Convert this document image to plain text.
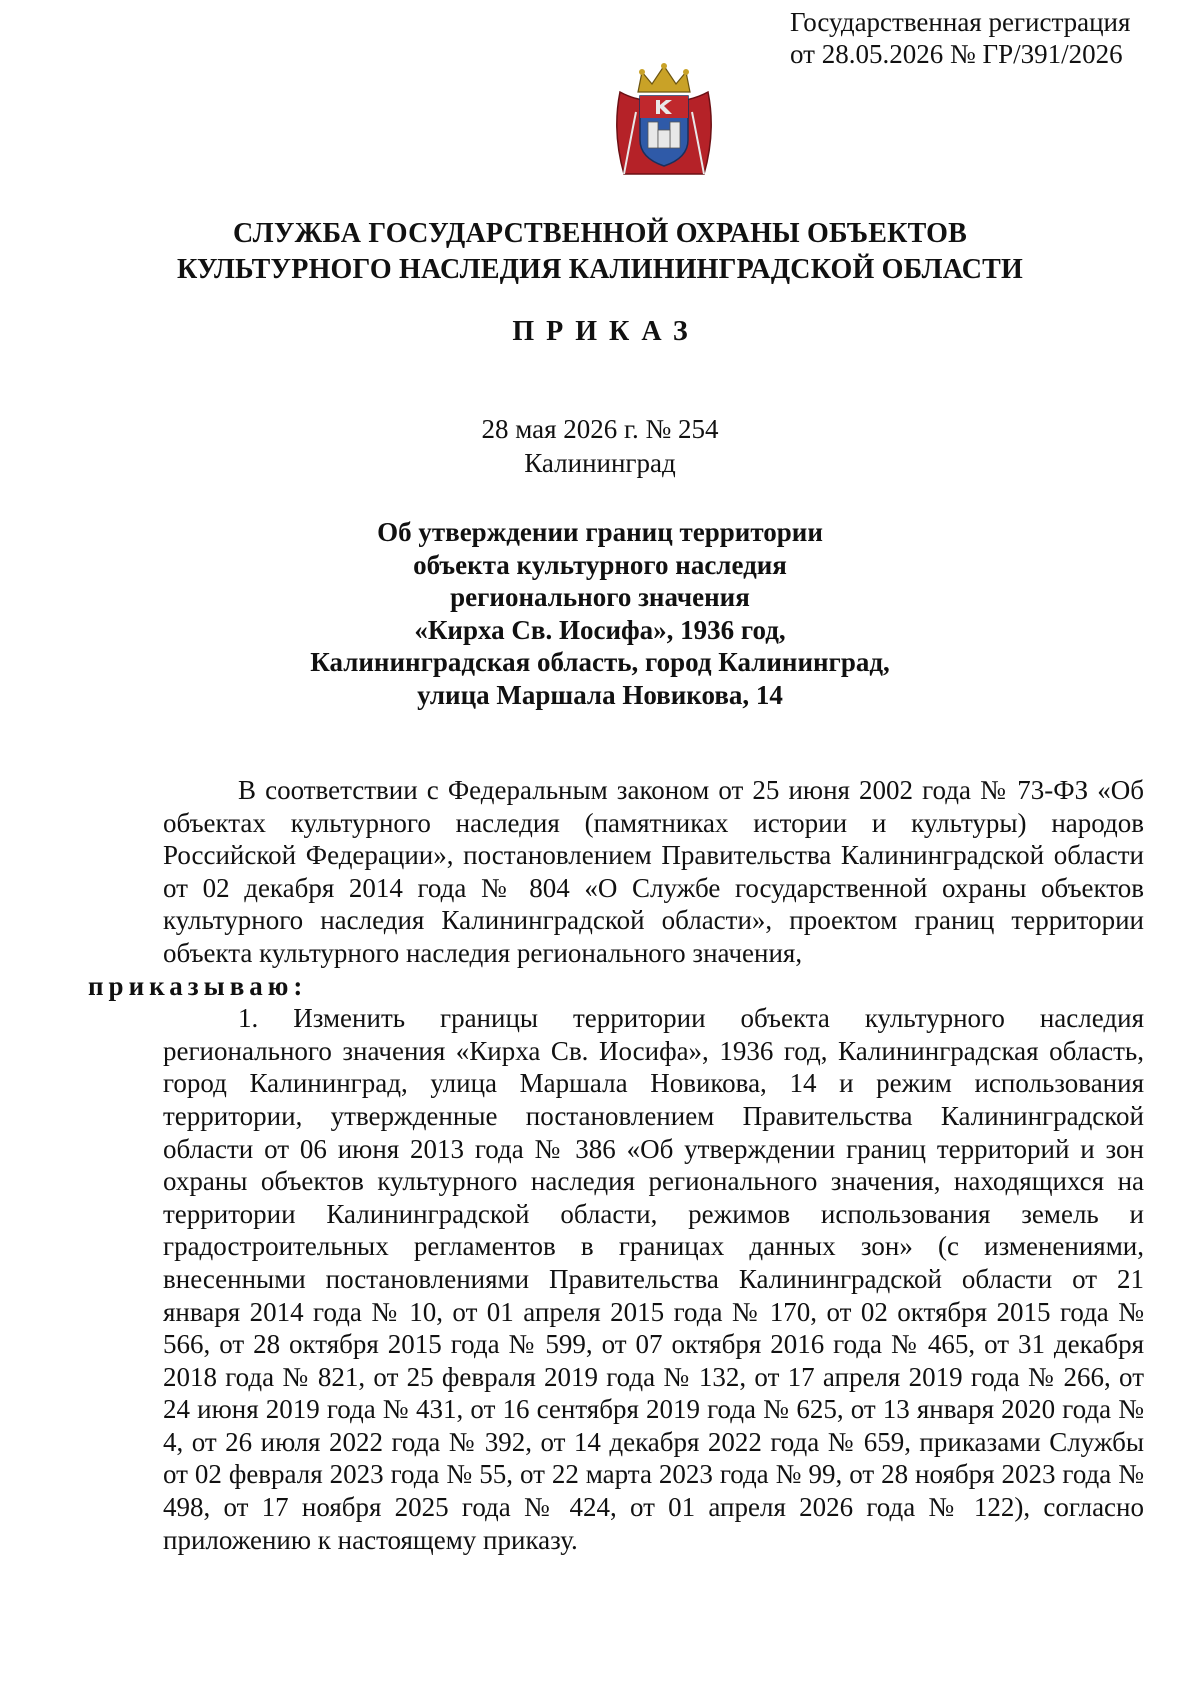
Государственная регистрация
от 28.05.2026 № ГР/391/2026
СЛУЖБА ГОСУДАРСТВЕННОЙ ОХРАНЫ ОБЪЕКТОВ
КУЛЬТУРНОГО НАСЛЕДИЯ КАЛИНИНГРАДСКОЙ ОБЛАСТИ
ПРИКАЗ
28 мая 2026 г. № 254
Калининград
Об утверждении границ территории
объекта культурного наследия
регионального значения
«Кирха Св. Иосифа», 1936 год,
Калининградская область, город Калининград,
улица Маршала Новикова, 14

В соответствии с Федеральным законом от 25 июня 2002 года № 73-ФЗ «Об объектах культурного наследия (памятниках истории и культуры) народов Российской Федерации», постановлением Правительства Калининградской области от 02 декабря 2014 года № 804 «О Службе государственной охраны объектов культурного наследия Калининградской области», проектом границ территории объекта культурного наследия регионального значения,
приказываю:

1. Изменить границы территории объекта культурного наследия регионального значения «Кирха Св. Иосифа», 1936 год, Калининградская область, город Калининград, улица Маршала Новикова, 14 и режим использования территории, утвержденные постановлением Правительства Калининградской области от 06 июня 2013 года № 386 «Об утверждении границ территорий и зон охраны объектов культурного наследия регионального значения, находящихся на территории Калининградской области, режимов использования земель и градостроительных регламентов в границах данных зон» (с изменениями, внесенными постановлениями Правительства Калининградской области от 21 января 2014 года № 10, от 01 апреля 2015 года № 170, от 02 октября 2015 года № 566, от 28 октября 2015 года № 599, от 07 октября 2016 года № 465, от 31 декабря 2018 года № 821, от 25 февраля 2019 года № 132, от 17 апреля 2019 года № 266, от 24 июня 2019 года № 431, от 16 сентября 2019 года № 625, от 13 января 2020 года № 4, от 26 июля 2022 года № 392, от 14 декабря 2022 года № 659, приказами Службы от 02 февраля 2023 года № 55, от 22 марта 2023 года № 99, от 28 ноября 2023 года № 498, от 17 ноября 2025 года № 424, от 01 апреля 2026 года № 122), согласно приложению к настоящему приказу.
